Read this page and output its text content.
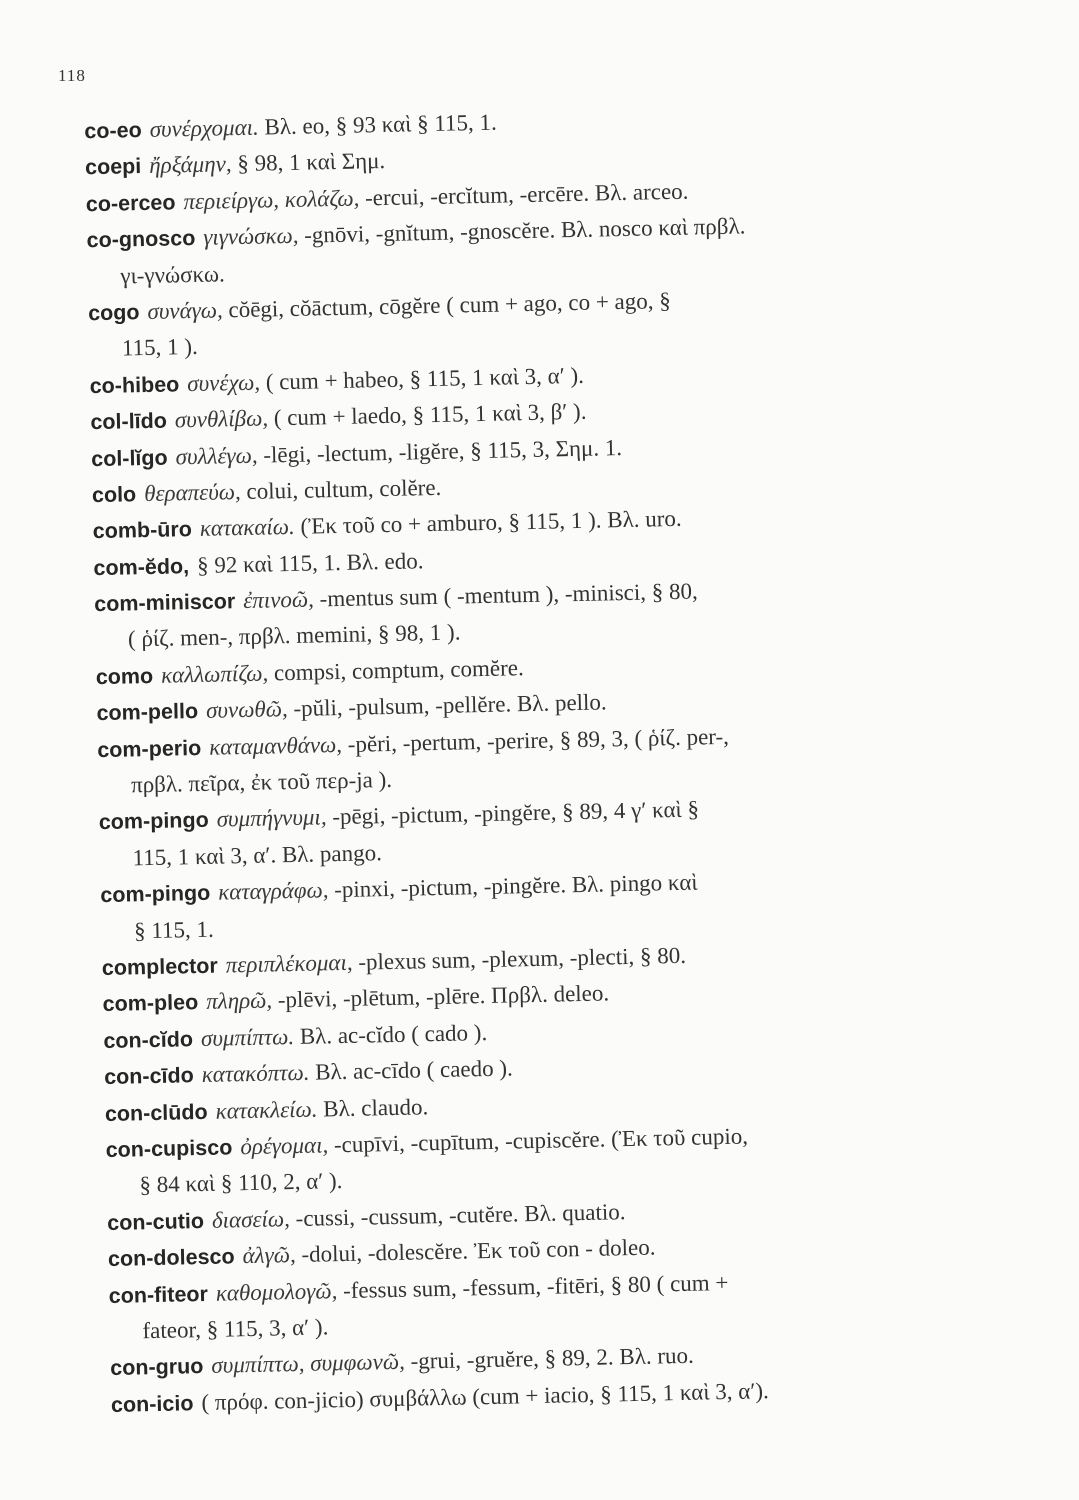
118
co-eo συνέρχομαι. Βλ. eo, § 93 καὶ § 115, 1.
coepi ἤρξάμην, § 98, 1 καὶ Σημ.
co-erceo περιείργω, κολάζω, -ercui, -ercĭtum, -ercēre. Βλ. arceo.
co-gnosco γιγνώσκω, -gnōvi, -gnĭtum, -gnoscĕre. Βλ. nosco καὶ πρβλ.
γι-γνώσκω.
cogo συνάγω, cŏēgi, cŏāctum, cōgĕre ( cum + ago, co + ago, §
115, 1 ).
co-hibeo συνέχω, ( cum + habeo, § 115, 1 καὶ 3, α′ ).
col-līdo συνθλίβω, ( cum + laedo, § 115, 1 καὶ 3, β′ ).
col-lĭgo συλλέγω, -lēgi, -lectum, -ligĕre, § 115, 3, Σημ. 1.
colo θεραπεύω, colui, cultum, colĕre.
comb-ūro κατακαίω. (Ἐκ τοῦ co + amburo, § 115, 1 ). Βλ. uro.
com-ĕdo, § 92 καὶ 115, 1. Βλ. edo.
com-miniscor ἐπινοῶ, -mentus sum ( -mentum ), -minisci, § 80,
( ῥίζ. men-, πρβλ. memini, § 98, 1 ).
como καλλωπίζω, compsi, comptum, comĕre.
com-pello συνωθῶ, -pŭli, -pulsum, -pellĕre. Βλ. pello.
com-perio καταμανθάνω, -pĕri, -pertum, -perire, § 89, 3, ( ῥίζ. per-,
πρβλ. πεῖρα, ἐκ τοῦ περ-ja ).
com-pingo συμπήγνυμι, -pēgi, -pictum, -pingĕre, § 89, 4 γ′ καὶ §
115, 1 καὶ 3, α′. Βλ. pango.
com-pingo καταγράφω, -pinxi, -pictum, -pingĕre. Βλ. pingo καὶ
§ 115, 1.
complector περιπλέκομαι, -plexus sum, -plexum, -plecti, § 80.
com-pleo πληρῶ, -plēvi, -plētum, -plēre. Πρβλ. deleo.
con-cĭdo συμπίπτω. Βλ. ac-cĭdo ( cado ).
con-cīdo κατακόπτω. Βλ. ac-cīdo ( caedo ).
con-clūdo κατακλείω. Βλ. claudo.
con-cupisco ὀρέγομαι, -cupīvi, -cupītum, -cupiscĕre. (Ἐκ τοῦ cupio,
§ 84 καὶ § 110, 2, α′ ).
con-cutio διασείω, -cussi, -cussum, -cutĕre. Βλ. quatio.
con-dolesco ἀλγῶ, -dolui, -dolescĕre. Ἐκ τοῦ con - doleo.
con-fiteor καθομολογῶ, -fessus sum, -fessum, -fitēri, § 80 ( cum +
fateor, § 115, 3, α′ ).
con-gruo συμπίπτω, συμφωνῶ, -grui, -gruĕre, § 89, 2. Βλ. ruo.
con-icio ( πρόφ. con-jicio) συμβάλλω (cum + iacio, § 115, 1 καὶ 3, α′).
